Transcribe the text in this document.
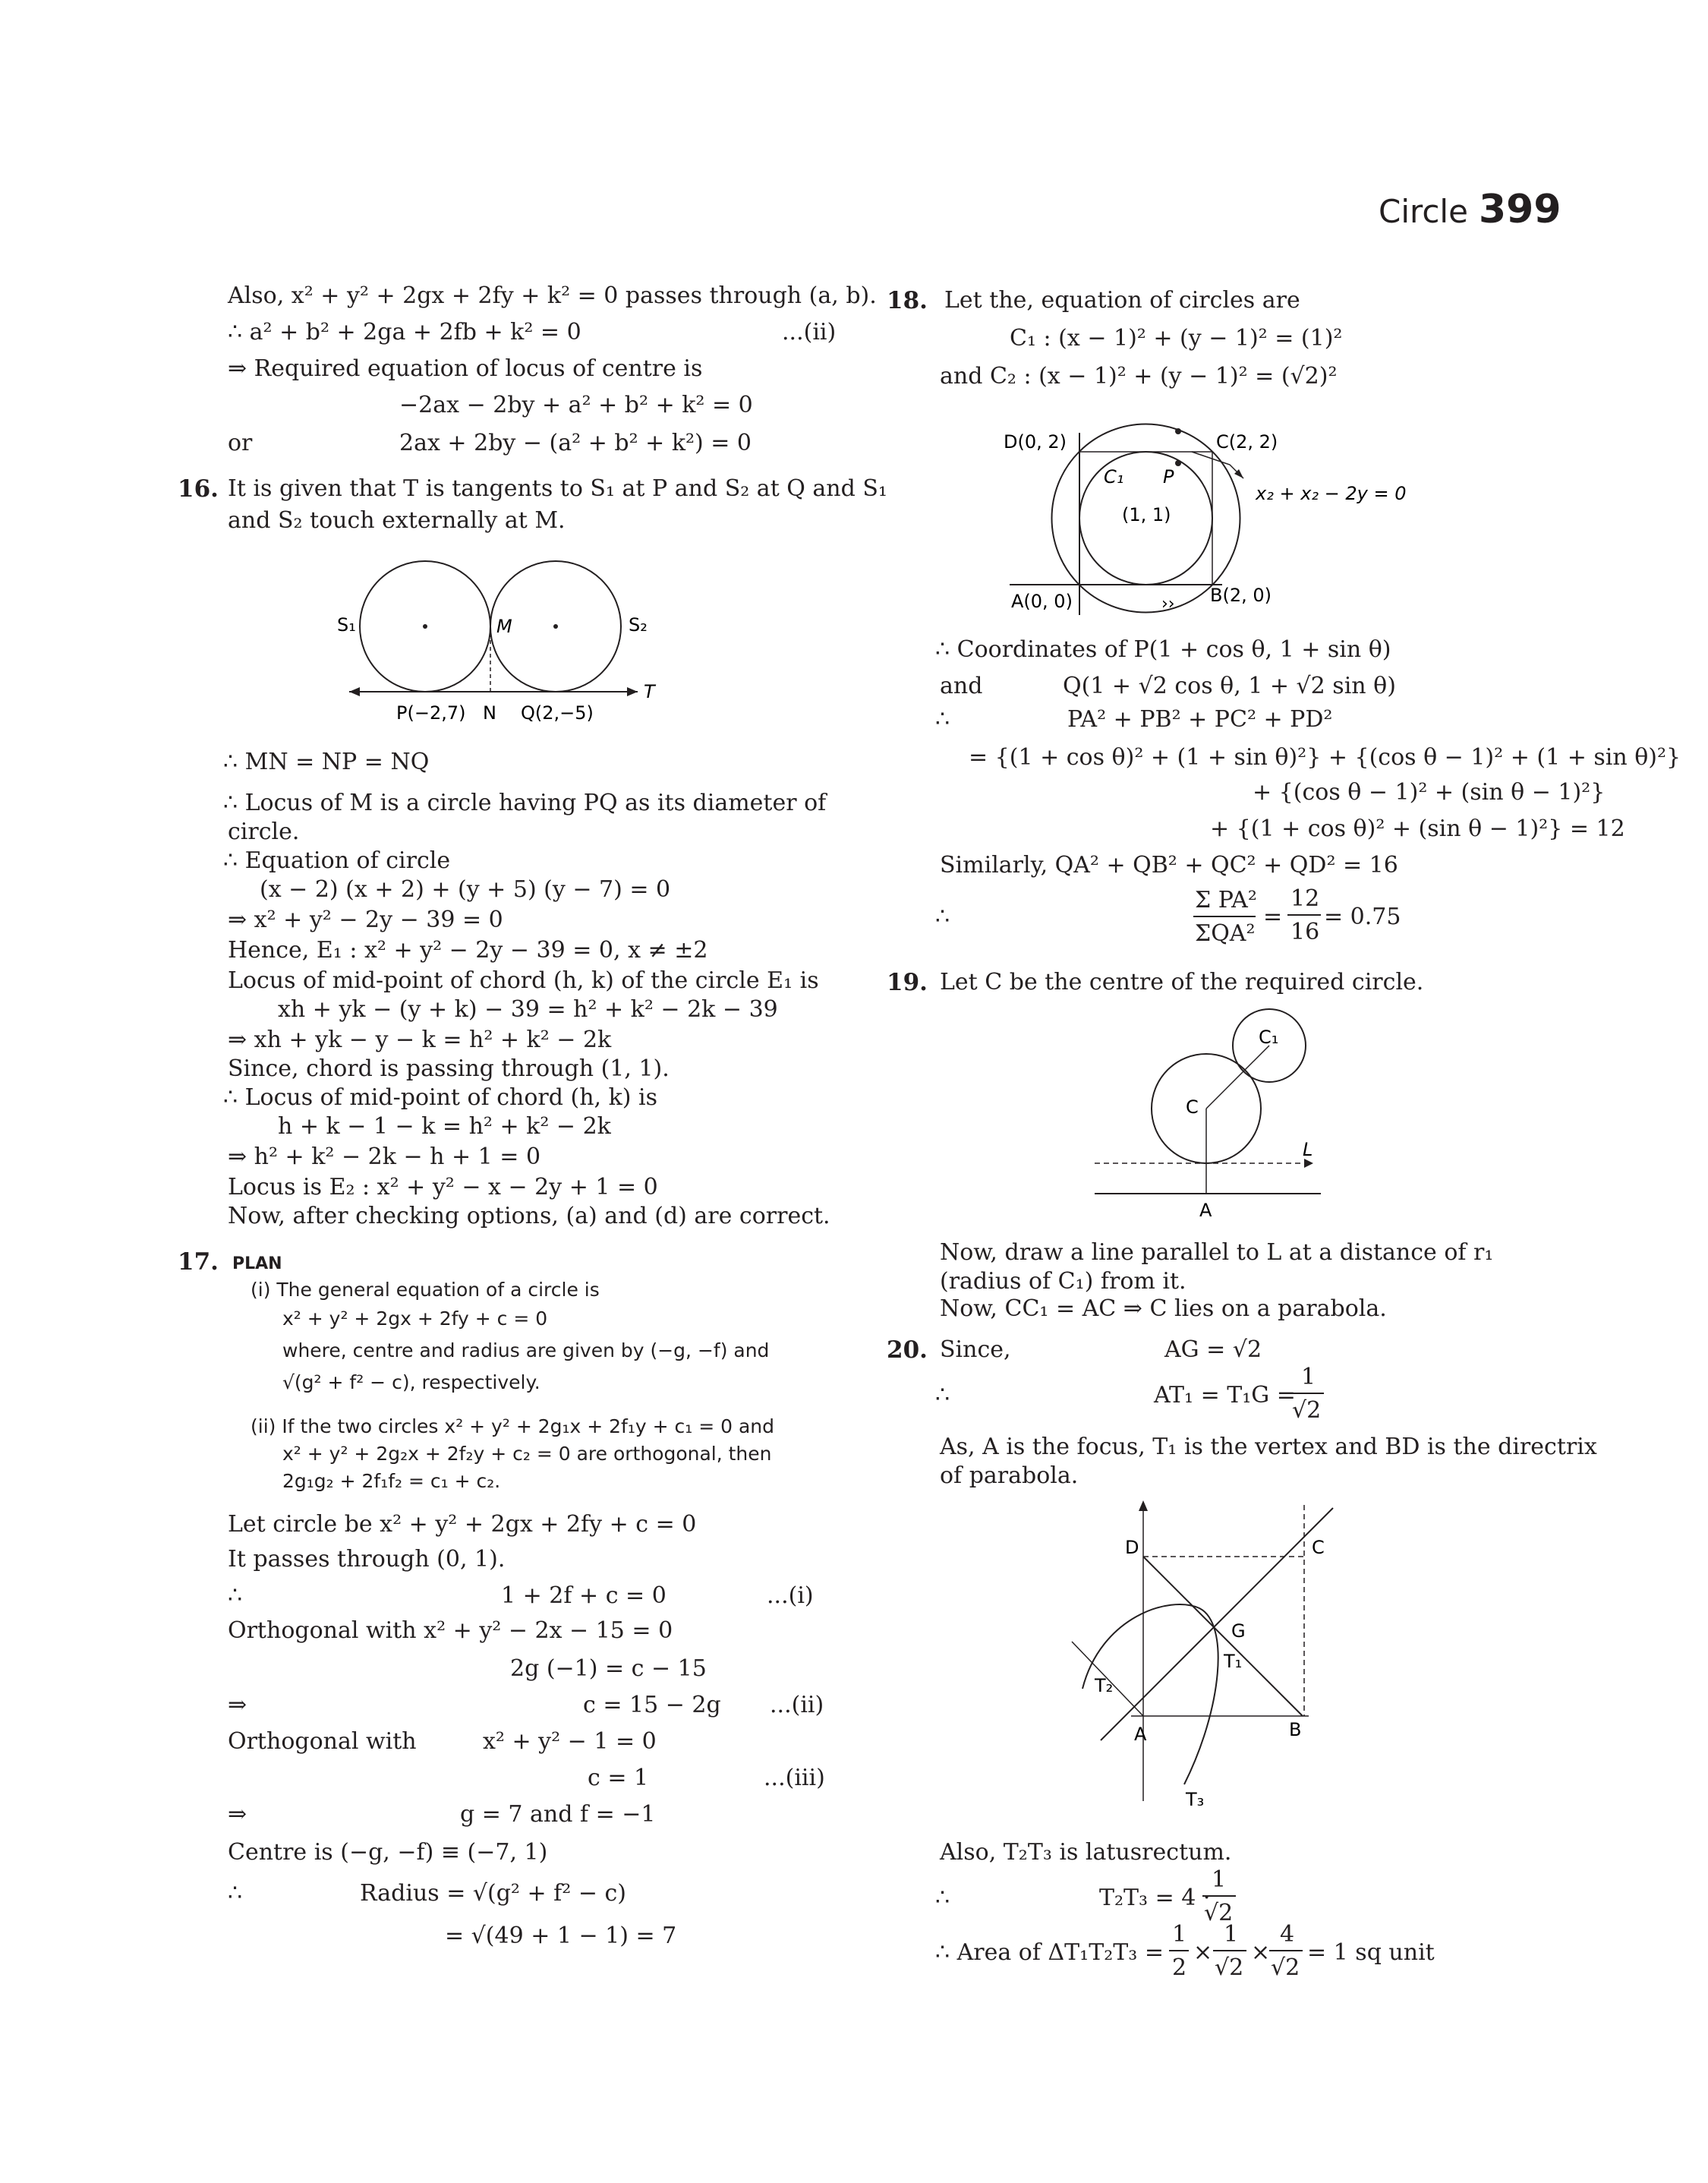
Circle 399
Also, x² + y² + 2gx + 2fy + k² = 0 passes through (a, b).
∴ a² + b² + 2ga + 2fb + k² = 0	...(ii)
⇒ Required equation of locus of centre is
−2ax − 2by + a² + b² + k² = 0
or	2ax + 2by − (a² + b² + k²) = 0
16. It is given that T is tangents to S₁ at P and S₂ at Q and S₁
and S₂ touch externally at M.
S₁	S₂
M
P(−2,7) N Q(2,−5)
T
∴ MN = NP = NQ
∴ Locus of M is a circle having PQ as its diameter of
circle.
∴ Equation of circle
(x − 2) (x + 2) + (y + 5) (y − 7) = 0
⇒ x² + y² − 2y − 39 = 0
Hence, E₁ : x² + y² − 2y − 39 = 0, x ≠ ±2
Locus of mid-point of chord (h, k) of the circle E₁ is
xh + yk − (y + k) − 39 = h² + k² − 2k − 39
⇒ xh + yk − y − k = h² + k² − 2k
Since, chord is passing through (1, 1).
∴ Locus of mid-point of chord (h, k) is
h + k − 1 − k = h² + k² − 2k
⇒ h² + k² − 2k − h + 1 = 0
Locus is E₂ : x² + y² − x − 2y + 1 = 0
Now, after checking options, (a) and (d) are correct.
17. PLAN
(i) The general equation of a circle is
x² + y² + 2gx + 2fy + c = 0
where, centre and radius are given by (−g, −f) and
√(g² + f² − c), respectively.
(ii) If the two circles x² + y² + 2g₁x + 2f₁y + c₁ = 0 and
x² + y² + 2g₂x + 2f₂y + c₂ = 0 are orthogonal, then
2g₁g₂ + 2f₁f₂ = c₁ + c₂.
Let circle be x² + y² + 2gx + 2fy + c = 0
It passes through (0, 1).
∴	1 + 2f + c = 0	...(i)
Orthogonal with x² + y² − 2x − 15 = 0
2g (−1) = c − 15
⇒	c = 15 − 2g ...(ii)
Orthogonal with	x² + y² − 1 = 0
c = 1	...(iii)
⇒	g = 7 and f = −1
Centre is (−g, −f) ≡ (−7, 1)
∴	Radius = √(g² + f² − c)
= √(49 + 1 − 1) = 7
18. Let the, equation of circles are
C₁ : (x − 1)² + (y − 1)² = (1)²
and C₂ : (x − 1)² + (y − 1)² = (√2)²
››
D(0, 2)	C(2, 2)
C₁ P
(1, 1)
A(0, 0)	B(2, 0)
x₂ + x₂ − 2y = 0
∴ Coordinates of P(1 + cos θ, 1 + sin θ)
and	Q(1 + √2 cos θ, 1 + √2 sin θ)
∴	PA² + PB² + PC² + PD²
= {(1 + cos θ)² + (1 + sin θ)²} + {(cos θ − 1)² + (1 + sin θ)²}
+ {(cos θ − 1)² + (sin θ − 1)²}
+ {(1 + cos θ)² + (sin θ − 1)²} = 12
Similarly, QA² + QB² + QC² + QD² = 16
∴
Σ PA²
ΣQA²
=
12
16
= 0.75
19. Let C be the centre of the required circle.
C₁
C
L
A
Now, draw a line parallel to L at a distance of r₁
(radius of C₁) from it.
Now, CC₁ = AC ⇒ C lies on a parabola.
20. Since,	AG = √2
∴	AT₁ = T₁G =
1
√2
As, A is the focus, T₁ is the vertex and BD is the directrix
of parabola.
D	C
G
T₁
T₂
A	B
T₃
Also, T₂T₃ is latusrectum.
∴	T₂T₃ = 4 ·
1
√2
∴ Area of ΔT₁T₂T₃ =
1
2
×
1
√2
×
4
√2
= 1 sq unit
